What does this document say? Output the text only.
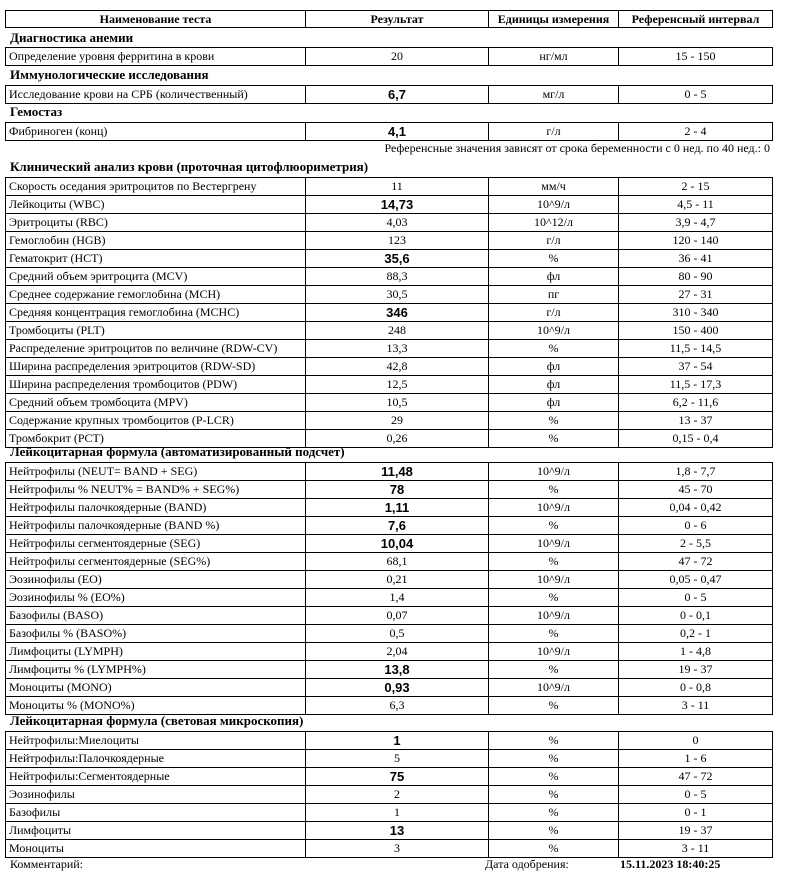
Наименование теста	Результат	Единицы измерения	Референсный интервал
Диагностика анемии
Определение уровня ферритина в крови	20	нг/мл	15 - 150
Иммунологические исследования
Исследование крови на СРБ (количественный)	6,7	мг/л	0 - 5
Гемостаз
Фибриноген (конц)	4,1	г/л	2 - 4
Референсные значения зависят от срока беременности с 0 нед. по 40 нед.: 0
Клинический анализ крови (проточная цитофлюориметрия)
Скорость оседания эритроцитов по Вестергрену	11	мм/ч	2 - 15
Лейкоциты (WBC)	14,73	10^9/л	4,5 - 11
Эритроциты (RBC)	4,03	10^12/л	3,9 - 4,7
Гемоглобин (HGB)	123	г/л	120 - 140
Гематокрит (HCT)	35,6	%	36 - 41
Средний объем эритроцита (MCV)	88,3	фл	80 - 90
Среднее содержание гемоглобина (MCH)	30,5	пг	27 - 31
Средняя концентрация гемоглобина (MCHC)	346	г/л	310 - 340
Тромбоциты (PLT)	248	10^9/л	150 - 400
Распределение эритроцитов по величине (RDW-CV)	13,3	%	11,5 - 14,5
Ширина распределения эритроцитов (RDW-SD)	42,8	фл	37 - 54
Ширина распределения тромбоцитов (PDW)	12,5	фл	11,5 - 17,3
Средний объем тромбоцита (MPV)	10,5	фл	6,2 - 11,6
Содержание крупных тромбоцитов (P-LCR)	29	%	13 - 37
Тромбокрит (PCT)	0,26	%	0,15 - 0,4
Лейкоцитарная формула (автоматизированный подсчет)
Нейтрофилы (NEUT= BAND + SEG)	11,48	10^9/л	1,8 - 7,7
Нейтрофилы % NEUT% = BAND% + SEG%)	78	%	45 - 70
Нейтрофилы палочкоядерные (BAND)	1,11	10^9/л	0,04 - 0,42
Нейтрофилы палочкоядерные (BAND %)	7,6	%	0 - 6
Нейтрофилы сегментоядерные (SEG)	10,04	10^9/л	2 - 5,5
Нейтрофилы сегментоядерные (SEG%)	68,1	%	47 - 72
Эозинофилы (EO)	0,21	10^9/л	0,05 - 0,47
Эозинофилы % (EO%)	1,4	%	0 - 5
Базофилы (BASO)	0,07	10^9/л	0 - 0,1
Базофилы % (BASO%)	0,5	%	0,2 - 1
Лимфоциты (LYMPH)	2,04	10^9/л	1 - 4,8
Лимфоциты % (LYMPH%)	13,8	%	19 - 37
Моноциты (MONO)	0,93	10^9/л	0 - 0,8
Моноциты % (MONO%)	6,3	%	3 - 11
Лейкоцитарная формула (световая микроскопия)
Нейтрофилы:Миелоциты	1	%	0
Нейтрофилы:Палочкоядерные	5	%	1 - 6
Нейтрофилы:Сегментоядерные	75	%	47 - 72
Эозинофилы	2	%	0 - 5
Базофилы	1	%	0 - 1
Лимфоциты	13	%	19 - 37
Моноциты	3	%	3 - 11
Комментарий:	Дата одобрения:	15.11.2023 18:40:25
